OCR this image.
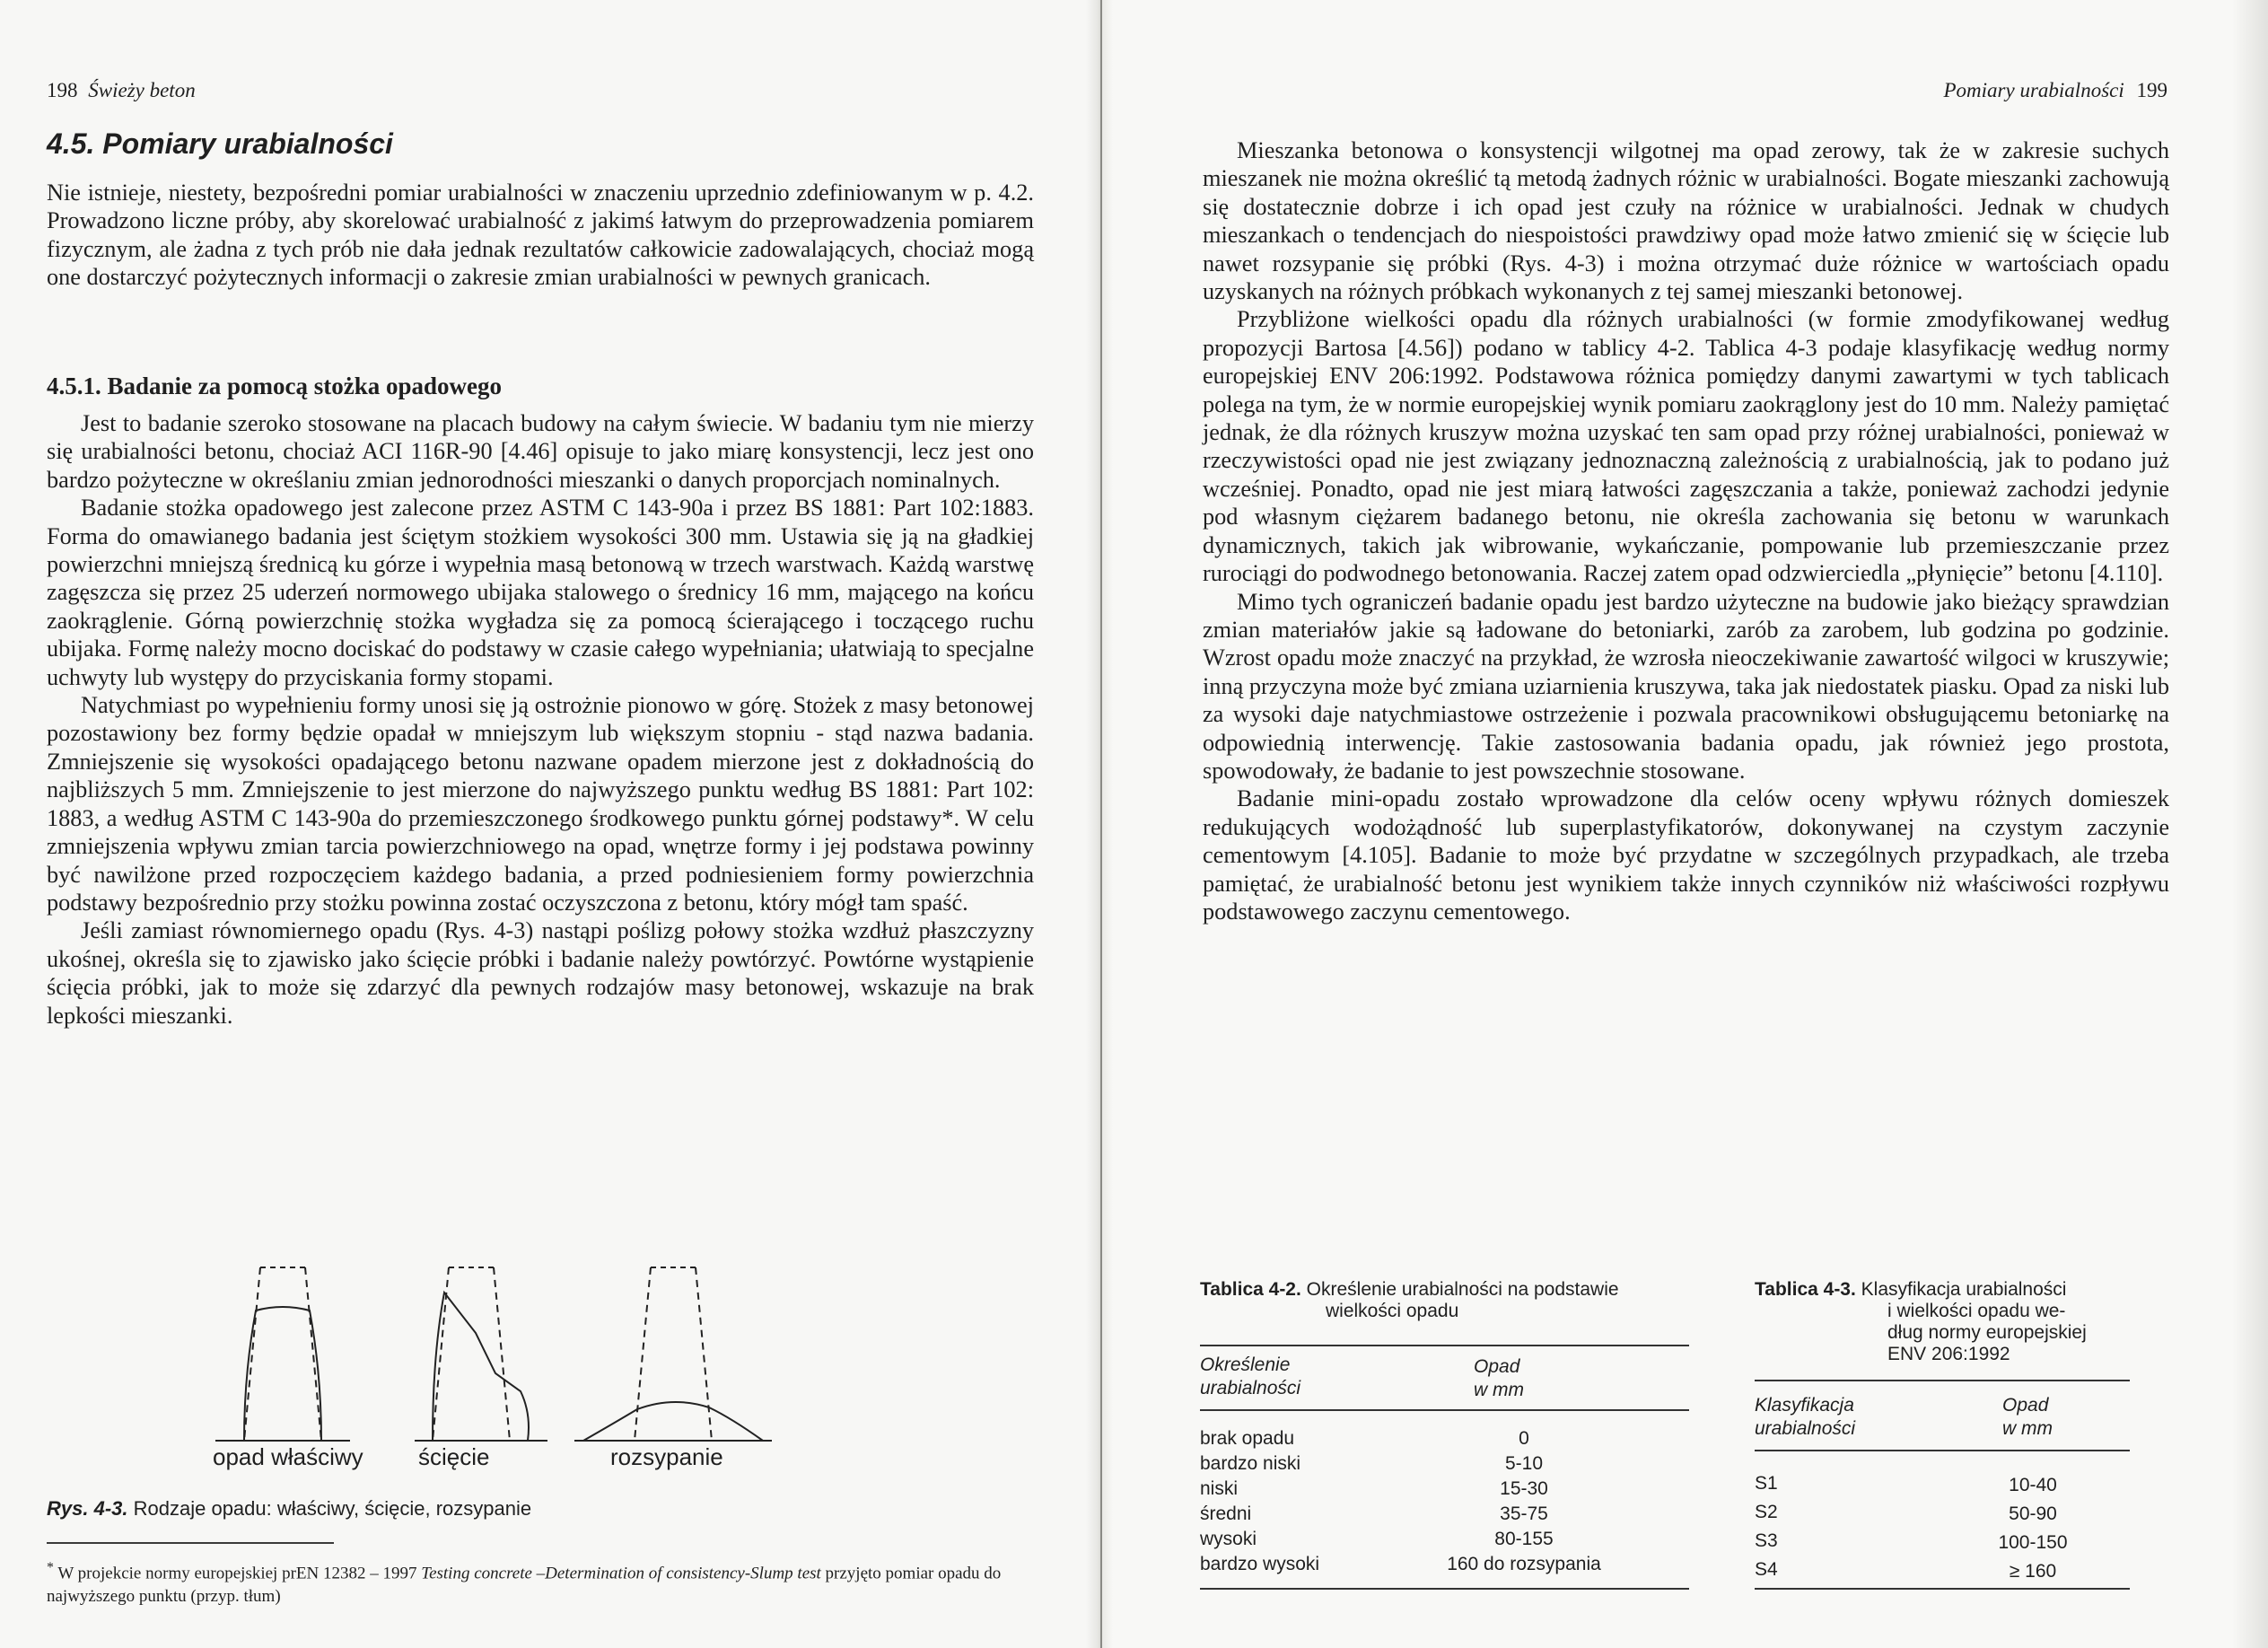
198 Świeży beton
4.5. Pomiary urabialności

Nie istnieje, niestety, bezpośredni pomiar urabialności w znaczeniu uprzednio zdefiniowanym w p. 4.2. Prowadzono liczne próby, aby skorelować urabialność z jakimś łatwym do przeprowadzenia pomiarem fizycznym, ale żadna z tych prób nie dała jednak rezultatów całkowicie zadowalających, chociaż mogą one dostarczyć pożytecznych informacji o zakresie zmian urabialności w pewnych granicach.

4.5.1. Badanie za pomocą stożka opadowego

Jest to badanie szeroko stosowane na placach budowy na całym świecie. W badaniu tym nie mierzy się urabialności betonu, chociaż ACI 116R-90 [4.46] opisuje to jako miarę konsystencji, lecz jest ono bardzo pożyteczne w określaniu zmian jednorodności mieszanki o danych proporcjach nominalnych.

Badanie stożka opadowego jest zalecone przez ASTM C 143-90a i przez BS 1881: Part 102:1883. Forma do omawianego badania jest ściętym stożkiem wysokości 300 mm. Ustawia się ją na gładkiej powierzchni mniejszą średnicą ku górze i wypełnia masą betonową w trzech warstwach. Każdą warstwę zagęszcza się przez 25 uderzeń normowego ubijaka stalowego o średnicy 16 mm, mającego na końcu zaokrąglenie. Górną powierzchnię stożka wygładza się za pomocą ścierającego i toczącego ruchu ubijaka. Formę należy mocno dociskać do podstawy w czasie całego wypełniania; ułatwiają to specjalne uchwyty lub występy do przyciskania formy stopami.

Natychmiast po wypełnieniu formy unosi się ją ostrożnie pionowo w górę. Stożek z masy betonowej pozostawiony bez formy będzie opadał w mniejszym lub większym stopniu - stąd nazwa badania. Zmniejszenie się wysokości opadającego betonu nazwane opadem mierzone jest z dokładnością do najbliższych 5 mm. Zmniejszenie to jest mierzone do najwyższego punktu według BS 1881: Part 102: 1883, a według ASTM C 143-90a do przemieszczonego środkowego punktu górnej podstawy*. W celu zmniejszenia wpływu zmian tarcia powierzchniowego na opad, wnętrze formy i jej podstawa powinny być nawilżone przed rozpoczęciem każdego badania, a przed podniesieniem formy powierzchnia podstawy bezpośrednio przy stożku powinna zostać oczyszczona z betonu, który mógł tam spaść.

Jeśli zamiast równomiernego opadu (Rys. 4-3) nastąpi poślizg połowy stożka wzdłuż płaszczyzny ukośnej, określa się to zjawisko jako ścięcie próbki i badanie należy powtórzyć. Powtórne wystąpienie ścięcia próbki, jak to może się zdarzyć dla pewnych rodzajów masy betonowej, wskazuje na brak lepkości mieszanki.

opad właściwy ścięcie	rozsypanie
Rys. 4-3. Rodzaje opadu: właściwy, ścięcie, rozsypanie
* W projekcie normy europejskiej prEN 12382 – 1997 Testing concrete –Determination of consistency-Slump test przyjęto pomiar opadu do najwyższego punktu (przyp. tłum)
Pomiary urabialności 199

Mieszanka betonowa o konsystencji wilgotnej ma opad zerowy, tak że w zakresie suchych mieszanek nie można określić tą metodą żadnych różnic w urabialności. Bogate mieszanki zachowują się dostatecznie dobrze i ich opad jest czuły na różnice w urabialności. Jednak w chudych mieszankach o tendencjach do niespoistości prawdziwy opad może łatwo zmienić się w ścięcie lub nawet rozsypanie się próbki (Rys. 4-3) i można otrzymać duże różnice w wartościach opadu uzyskanych na różnych próbkach wykonanych z tej samej mieszanki betonowej.

Przybliżone wielkości opadu dla różnych urabialności (w formie zmodyfikowanej według propozycji Bartosa [4.56]) podano w tablicy 4-2. Tablica 4-3 podaje klasyfikację według normy europejskiej ENV 206:1992. Podstawowa różnica pomiędzy danymi zawartymi w tych tablicach polega na tym, że w normie europejskiej wynik pomiaru zaokrąglony jest do 10 mm. Należy pamiętać jednak, że dla różnych kruszyw można uzyskać ten sam opad przy różnej urabialności, ponieważ w rzeczywistości opad nie jest związany jednoznaczną zależnością z urabialnością, jak to podano już wcześniej. Ponadto, opad nie jest miarą łatwości zagęszczania a także, ponieważ zachodzi jedynie pod własnym ciężarem badanego betonu, nie określa zachowania się betonu w warunkach dynamicznych, takich jak wibrowanie, wykańczanie, pompowanie lub przemieszczanie przez rurociągi do podwodnego betonowania. Raczej zatem opad odzwierciedla „płynięcie” betonu [4.110].

Mimo tych ograniczeń badanie opadu jest bardzo użyteczne na budowie jako bieżący sprawdzian zmian materiałów jakie są ładowane do betoniarki, zarób za zarobem, lub godzina po godzinie. Wzrost opadu może znaczyć na przykład, że wzrosła nieoczekiwanie zawartość wilgoci w kruszywie; inną przyczyna może być zmiana uziarnienia kruszywa, taka jak niedostatek piasku. Opad za niski lub za wysoki daje natychmiastowe ostrzeżenie i pozwala pracownikowi obsługującemu betoniarkę na odpowiednią interwencję. Takie zastosowania badania opadu, jak również jego prostota, spowodowały, że badanie to jest powszechnie stosowane.

Badanie mini-opadu zostało wprowadzone dla celów oceny wpływu różnych domieszek redukujących wodożądność lub superplastyfikatorów, dokonywanej na czystym zaczynie cementowym [4.105]. Badanie to może być przydatne w szczególnych przypadkach, ale trzeba pamiętać, że urabialność betonu jest wynikiem także innych czynników niż właściwości rozpływu podstawowego zaczynu cementowego.

Tablica 4-2. Określenie urabialności na podstawie
wielkości opadu
Określenie
urabialności
Opad
w mm
brak opadu
bardzo niski
niski
średni
wysoki
bardzo wysoki
0
5-10
15-30
35-75
80-155
160 do rozsypania
Tablica 4-3. Klasyfikacja urabialności
i wielkości opadu we-
dług normy europejskiej
ENV 206:1992
Klasyfikacja
urabialności
Opad
w mm
S1
S2
S3
S4
10-40
50-90
100-150
≥ 160
